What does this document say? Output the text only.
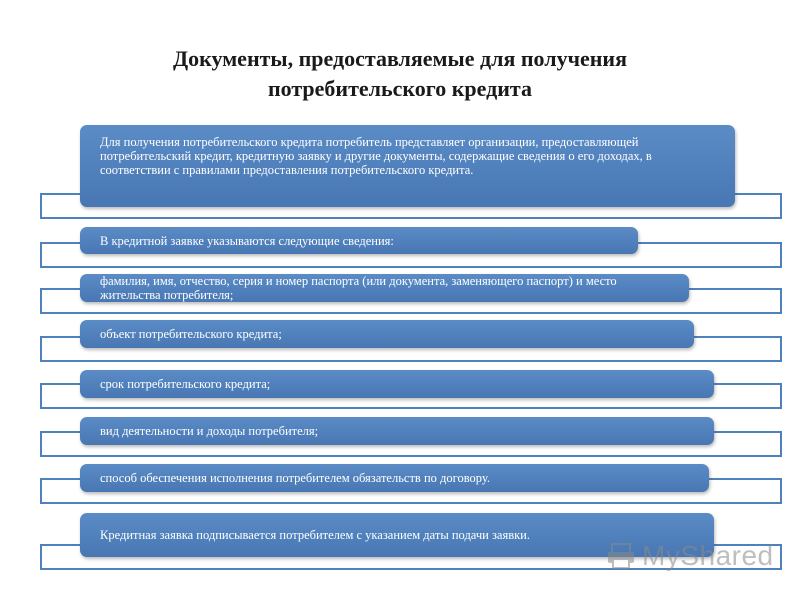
Документы, предоставляемые для получения
потребительского кредита
Для получения потребительского кредита потребитель представляет организации, предоставляющей потребительский кредит, кредитную заявку и другие документы, содержащие сведения о его доходах, в соответствии с правилами предоставления потребительского кредита.
В кредитной заявке указываются следующие сведения:
фамилия, имя, отчество, серия и номер паспорта (или документа, заменяющего паспорт) и место жительства потребителя;
объект потребительского кредита;
срок потребительского кредита;
вид деятельности и доходы потребителя;
способ обеспечения исполнения потребителем обязательств по договору.
Кредитная заявка подписывается потребителем с указанием даты подачи заявки.
MyShared
